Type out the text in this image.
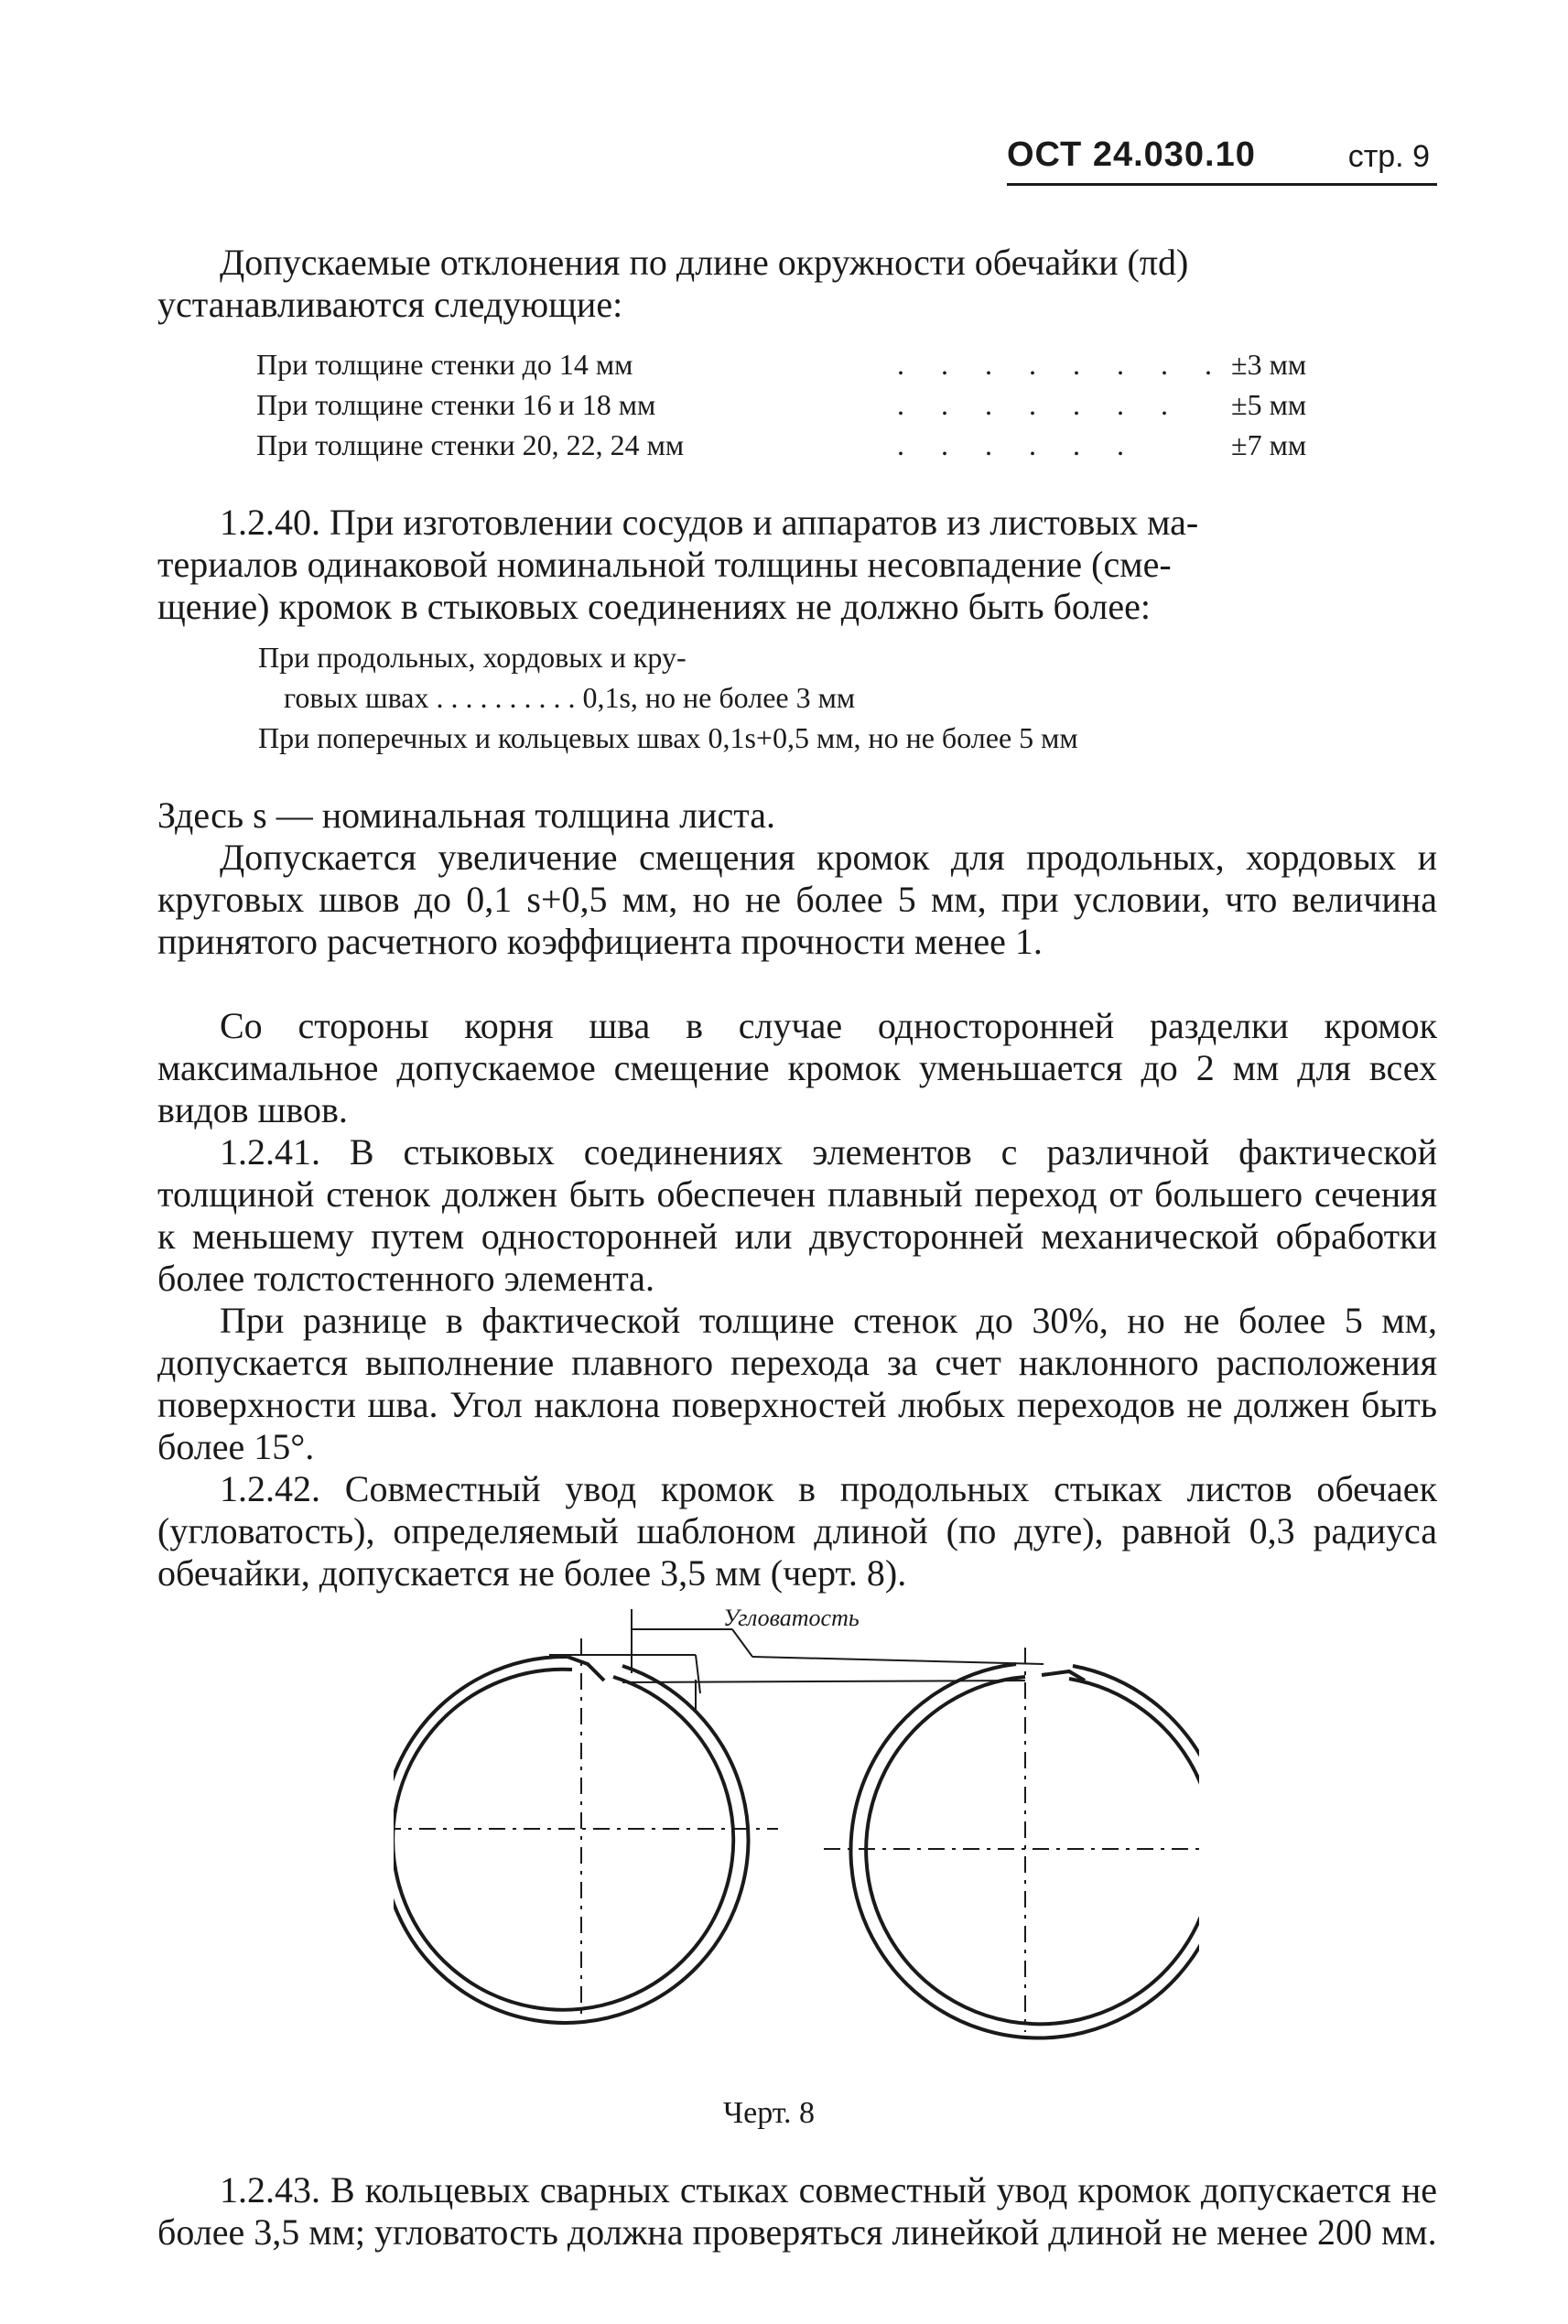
ОСТ 24.030.10	стр. 9
Допускаемые отклонения по длине окружности обечайки (πd)
устанавливаются следующие:
При толщине стенки до 14 мм	. . . . . . . . ±3 мм
При толщине стенки 16 и 18 мм	. . . . . . . ±5 мм
При толщине стенки 20, 22, 24 мм	. . . . . .	±7 мм
1.2.40. При изготовлении сосудов и аппаратов из листовых ма-
териалов одинаковой номинальной толщины несовпадение (сме-
щение) кромок в стыковых соединениях не должно быть более:
При продольных, хордовых и кру-
говых швах . . . . . . . . . . 0,1s, но не более 3 мм
При поперечных и кольцевых швах 0,1s+0,5 мм, но не более 5 мм
Здесь s — номинальная толщина листа.
Допускается увеличение смещения кромок для продольных, хордовых и круговых швов до 0,1 s+0,5 мм, но не более 5 мм, при условии, что величина принятого расчетного коэффициента прочности менее 1.
Со стороны корня шва в случае односторонней разделки кромок максимальное допускаемое смещение кромок уменьшается до 2 мм для всех видов швов.
1.2.41. В стыковых соединениях элементов с различной фактической толщиной стенок должен быть обеспечен плавный переход от большего сечения к меньшему путем односторонней или двусторонней механической обработки более толстостенного элемента.
При разнице в фактической толщине стенок до 30%, но не более 5 мм, допускается выполнение плавного перехода за счет наклонного расположения поверхности шва. Угол наклона поверхностей любых переходов не должен быть более 15°.
1.2.42. Совместный увод кромок в продольных стыках листов обечаек (угловатость), определяемый шаблоном длиной (по дуге), равной 0,3 радиуса обечайки, допускается не более 3,5 мм (черт. 8).
Угловатость
Черт. 8
1.2.43. В кольцевых сварных стыках совместный увод кромок допускается не более 3,5 мм; угловатость должна проверяться линейкой длиной не менее 200 мм.
